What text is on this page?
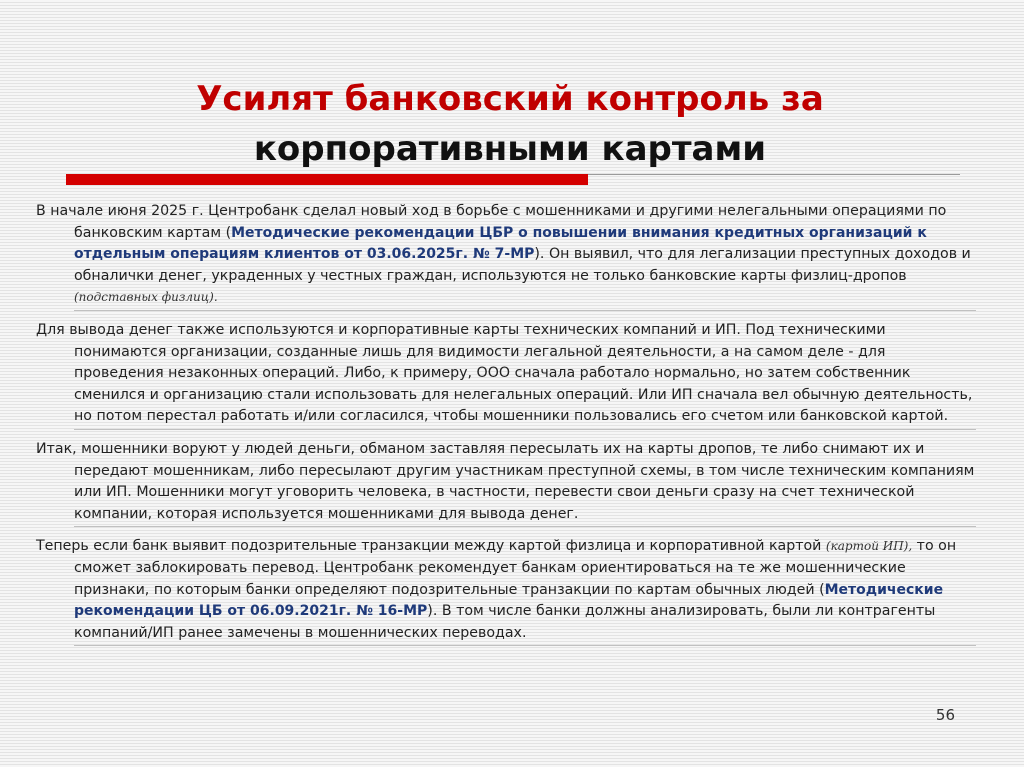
Усилят банковский контроль за
корпоративными картами

В начале июня 2025 г. Центробанк сделал новый ход в борьбе с мошенниками и другими нелегальными операциями по банковским картам (Методические рекомендации ЦБР о повышении внимания кредитных организаций к отдельным операциям клиентов от 03.06.2025г. № 7-МР). Он выявил, что для легализации преступных доходов и обналички денег, украденных у честных граждан, используются не только банковские карты физлиц-дропов (подставных физлиц).

Для вывода денег также используются и корпоративные карты технических компаний и ИП. Под техническими понимаются организации, созданные лишь для видимости легальной деятельности, а на самом деле - для проведения незаконных операций. Либо, к примеру, ООО сначала работало нормально, но затем собственник сменился и организацию стали использовать для нелегальных операций. Или ИП сначала вел обычную деятельность, но потом перестал работать и/или согласился, чтобы мошенники пользовались его счетом или банковской картой.

Итак, мошенники воруют у людей деньги, обманом заставляя пересылать их на карты дропов, те либо снимают их и передают мошенникам, либо пересылают другим участникам преступной схемы, в том числе техническим компаниям или ИП. Мошенники могут уговорить человека, в частности, перевести свои деньги сразу на счет технической компании, которая используется мошенниками для вывода денег.

Теперь если банк выявит подозрительные транзакции между картой физлица и корпоративной картой (картой ИП), то он сможет заблокировать перевод. Центробанк рекомендует банкам ориентироваться на те же мошеннические признаки, по которым банки определяют подозрительные транзакции по картам обычных людей (Методические рекомендации ЦБ от 06.09.2021г. № 16-МР). В том числе банки должны анализировать, были ли контрагенты компаний/ИП ранее замечены в мошеннических переводах.

56
